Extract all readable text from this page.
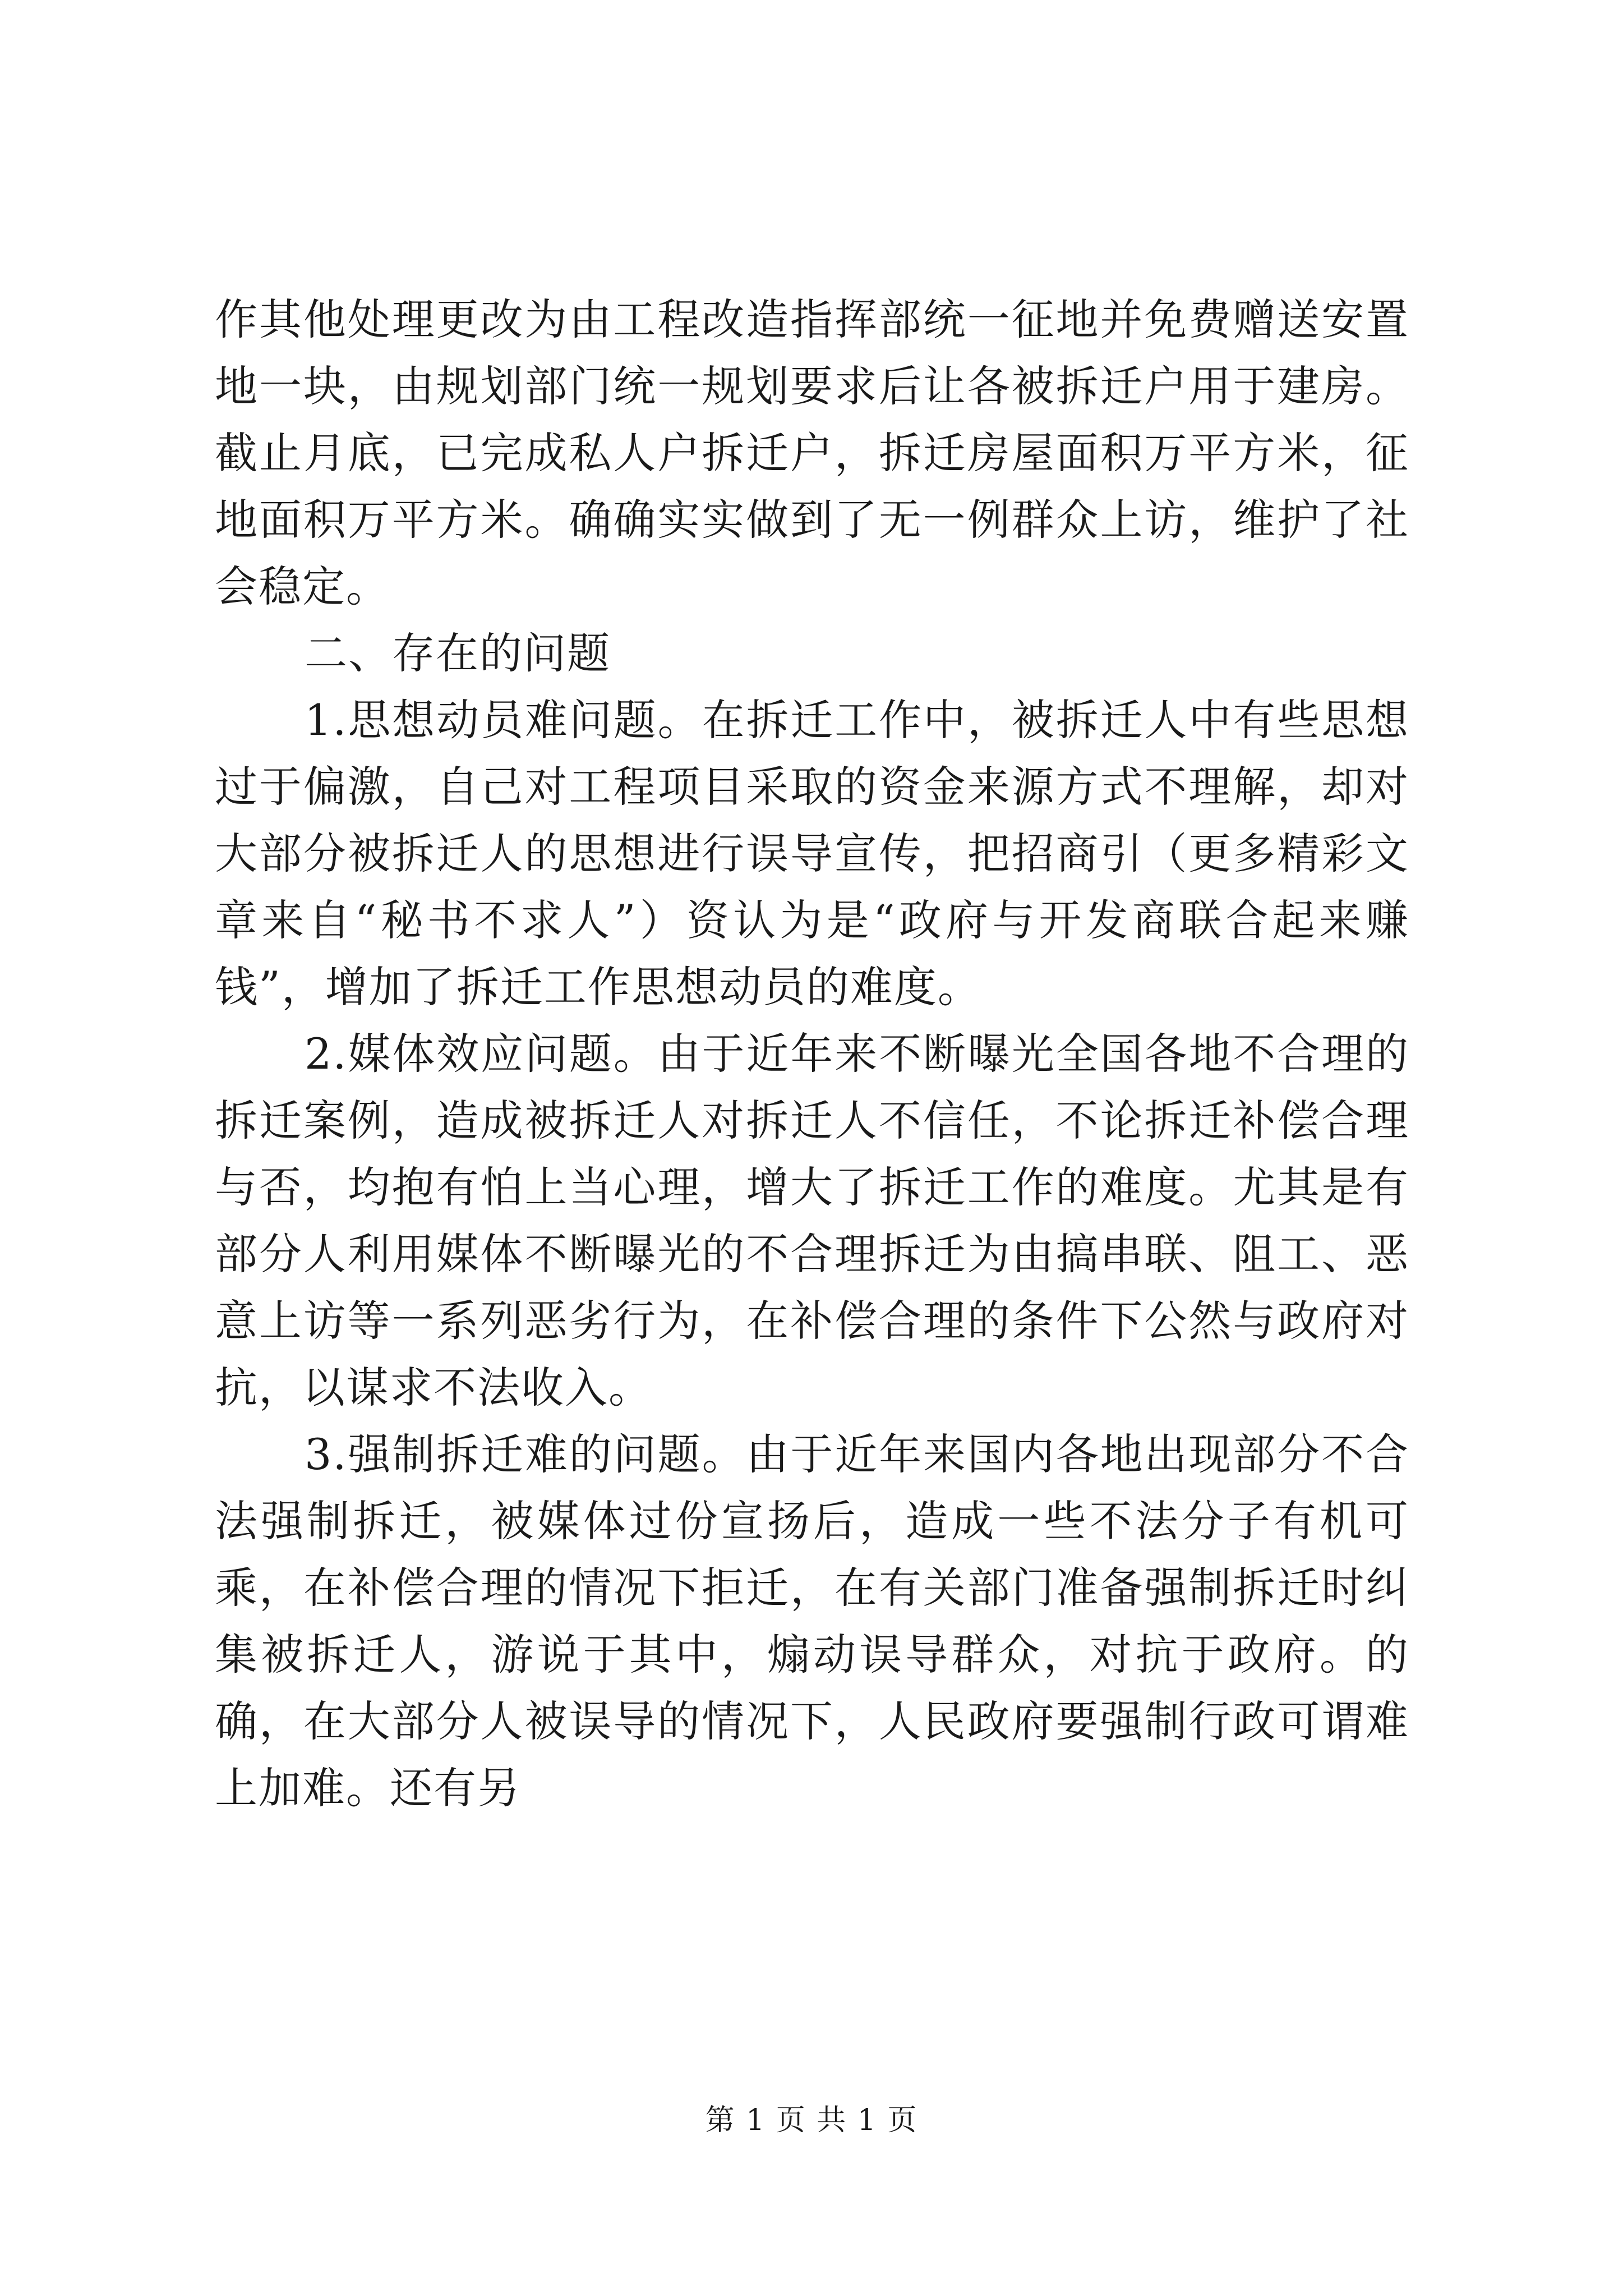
作其他处理更改为由工程改造指挥部统一征地并免费赠送安置地一块，由规划部门统一规划要求后让各被拆迁户用于建房。截止月底，已完成私人户拆迁户，拆迁房屋面积万平方米，征地面积万平方米。确确实实做到了无一例群众上访，维护了社会稳定。

二、存在的问题

1.思想动员难问题。在拆迁工作中，被拆迁人中有些思想过于偏激，自己对工程项目采取的资金来源方式不理解，却对大部分被拆迁人的思想进行误导宣传，把招商引（更多精彩文章来自“秘书不求人”）资认为是“政府与开发商联合起来赚钱”，增加了拆迁工作思想动员的难度。

2.媒体效应问题。由于近年来不断曝光全国各地不合理的拆迁案例，造成被拆迁人对拆迁人不信任，不论拆迁补偿合理与否，均抱有怕上当心理，增大了拆迁工作的难度。尤其是有部分人利用媒体不断曝光的不合理拆迁为由搞串联、阻工、恶意上访等一系列恶劣行为，在补偿合理的条件下公然与政府对抗，以谋求不法收入。

3.强制拆迁难的问题。由于近年来国内各地出现部分不合法强制拆迁，被媒体过份宣扬后，造成一些不法分子有机可乘，在补偿合理的情况下拒迁，在有关部门准备强制拆迁时纠集被拆迁人，游说于其中，煽动误导群众，对抗于政府。的确，在大部分人被误导的情况下，人民政府要强制行政可谓难上加难。还有另

第 1 页 共 1 页
